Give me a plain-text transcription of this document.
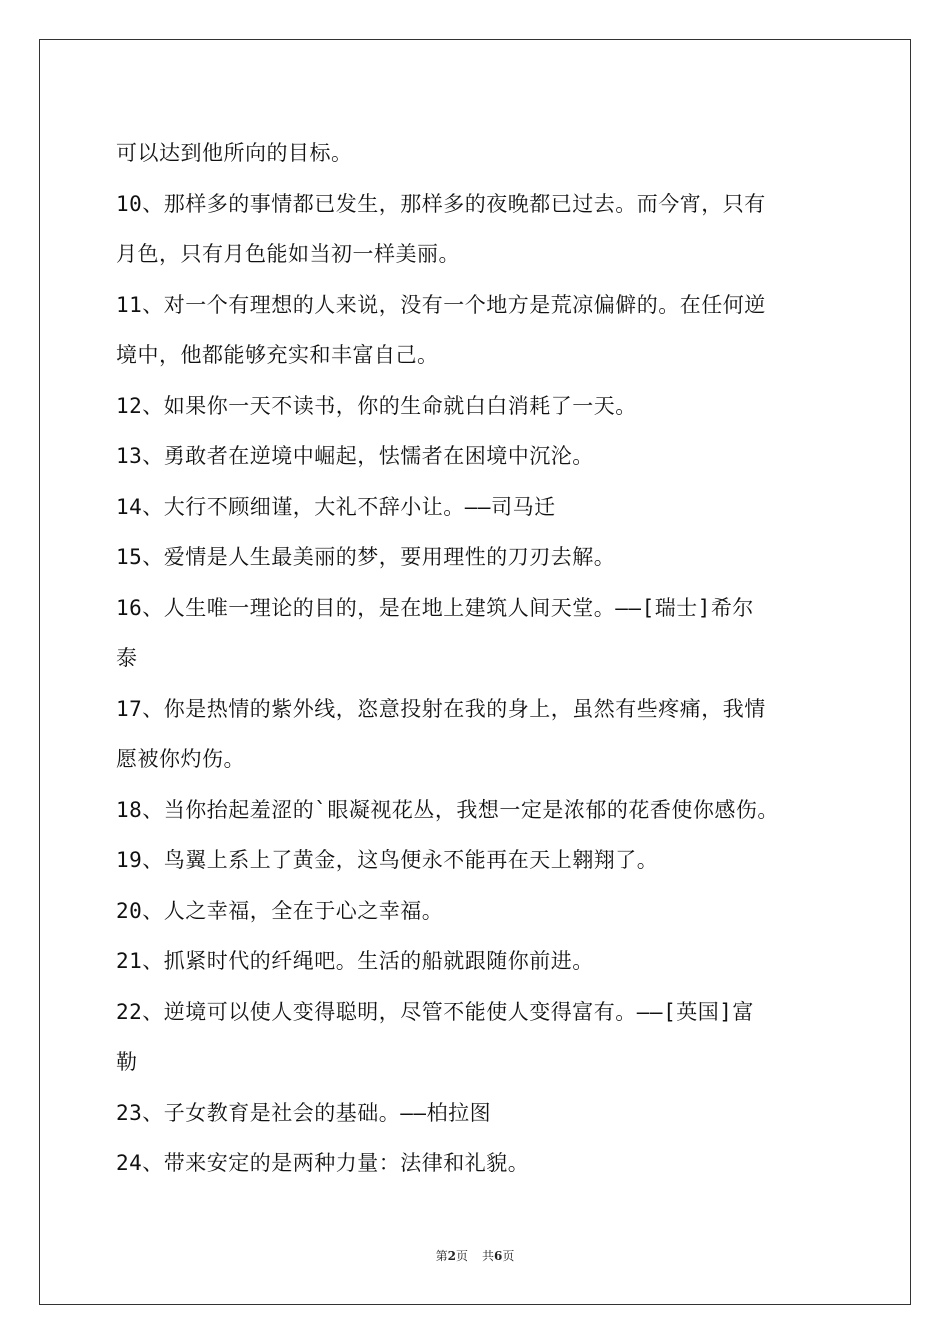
可以达到他所向的目标。
10、那样多的事情都已发生，那样多的夜晚都已过去。而今宵，只有
月色，只有月色能如当初一样美丽。
11、对一个有理想的人来说，没有一个地方是荒凉偏僻的。在任何逆
境中，他都能够充实和丰富自己。
12、如果你一天不读书，你的生命就白白消耗了一天。
13、勇敢者在逆境中崛起，怯懦者在困境中沉沦。
14、大行不顾细谨，大礼不辞小让。——司马迁
15、爱情是人生最美丽的梦，要用理性的刀刃去解。
16、人生唯一理论的目的，是在地上建筑人间天堂。——[瑞士]希尔
泰
17、你是热情的紫外线，恣意投射在我的身上，虽然有些疼痛，我情
愿被你灼伤。
18、当你抬起羞涩的`眼凝视花丛，我想一定是浓郁的花香使你感伤。
19、鸟翼上系上了黄金，这鸟便永不能再在天上翱翔了。
20、人之幸福，全在于心之幸福。
21、抓紧时代的纤绳吧。生活的船就跟随你前进。
22、逆境可以使人变得聪明，尽管不能使人变得富有。——[英国]富
勒
23、子女教育是社会的基础。——柏拉图
24、带来安定的是两种力量：法律和礼貌。
第2页 共6页
